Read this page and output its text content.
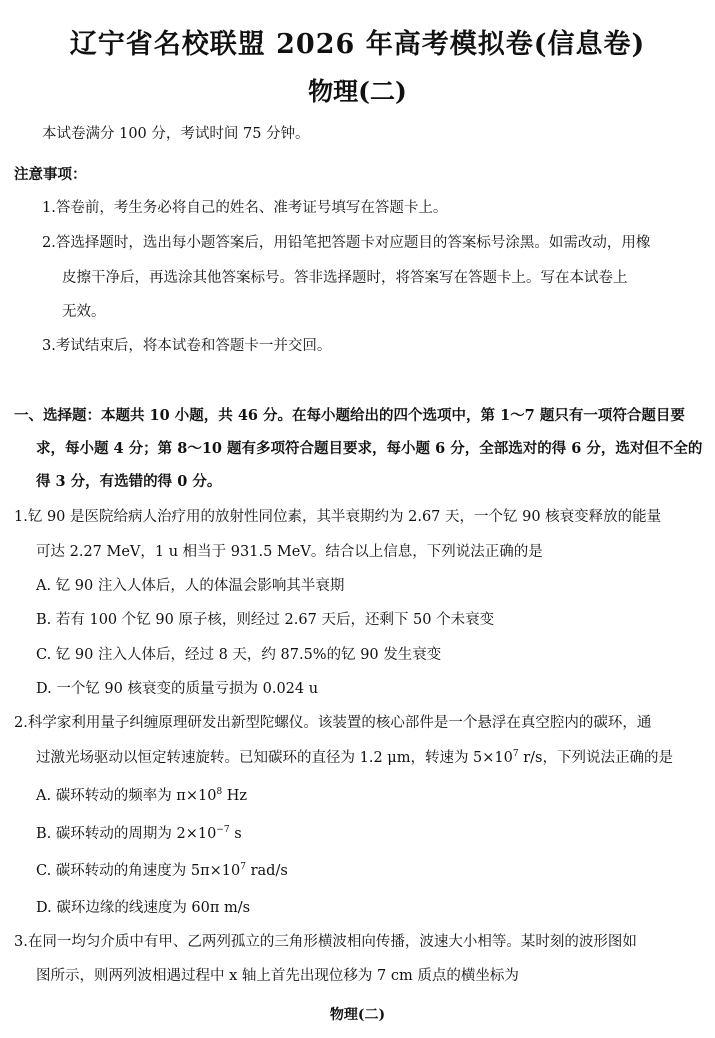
辽宁省名校联盟 2026 年高考模拟卷(信息卷)
物理(二)
本试卷满分 100 分，考试时间 75 分钟。
注意事项：
1.答卷前，考生务必将自己的姓名、准考证号填写在答题卡上。
2.答选择题时，选出每小题答案后，用铅笔把答题卡对应题目的答案标号涂黑。如需改动，用橡
皮擦干净后，再选涂其他答案标号。答非选择题时，将答案写在答题卡上。写在本试卷上
无效。
3.考试结束后，将本试卷和答题卡一并交回。
一、选择题：本题共 10 小题，共 46 分。在每小题给出的四个选项中，第 1～7 题只有一项符合题目要
求，每小题 4 分；第 8～10 题有多项符合题目要求，每小题 6 分，全部选对的得 6 分，选对但不全的
得 3 分，有选错的得 0 分。
1.钇 90 是医院给病人治疗用的放射性同位素，其半衰期约为 2.67 天，一个钇 90 核衰变释放的能量
可达 2.27 MeV，1 u 相当于 931.5 MeV。结合以上信息，下列说法正确的是
A. 钇 90 注入人体后，人的体温会影响其半衰期
B. 若有 100 个钇 90 原子核，则经过 2.67 天后，还剩下 50 个未衰变
C. 钇 90 注入人体后，经过 8 天，约 87.5%的钇 90 发生衰变
D. 一个钇 90 核衰变的质量亏损为 0.024 u
2.科学家利用量子纠缠原理研发出新型陀螺仪。该装置的核心部件是一个悬浮在真空腔内的碳环，通
过激光场驱动以恒定转速旋转。已知碳环的直径为 1.2 μm，转速为 $5\times 10^7$ r/s，下列说法正确的是
A. 碳环转动的频率为 $\pi\times 10^8$ Hz
B. 碳环转动的周期为 $2\times 10^{-7}$ s
C. 碳环转动的角速度为 $5\pi\times 10^7$ rad/s
D. 碳环边缘的线速度为 60π m/s
3.在同一均匀介质中有甲、乙两列孤立的三角形横波相向传播，波速大小相等。某时刻的波形图如
图所示，则两列波相遇过程中 x 轴上首先出现位移为 7 cm 质点的横坐标为
物理(二)
